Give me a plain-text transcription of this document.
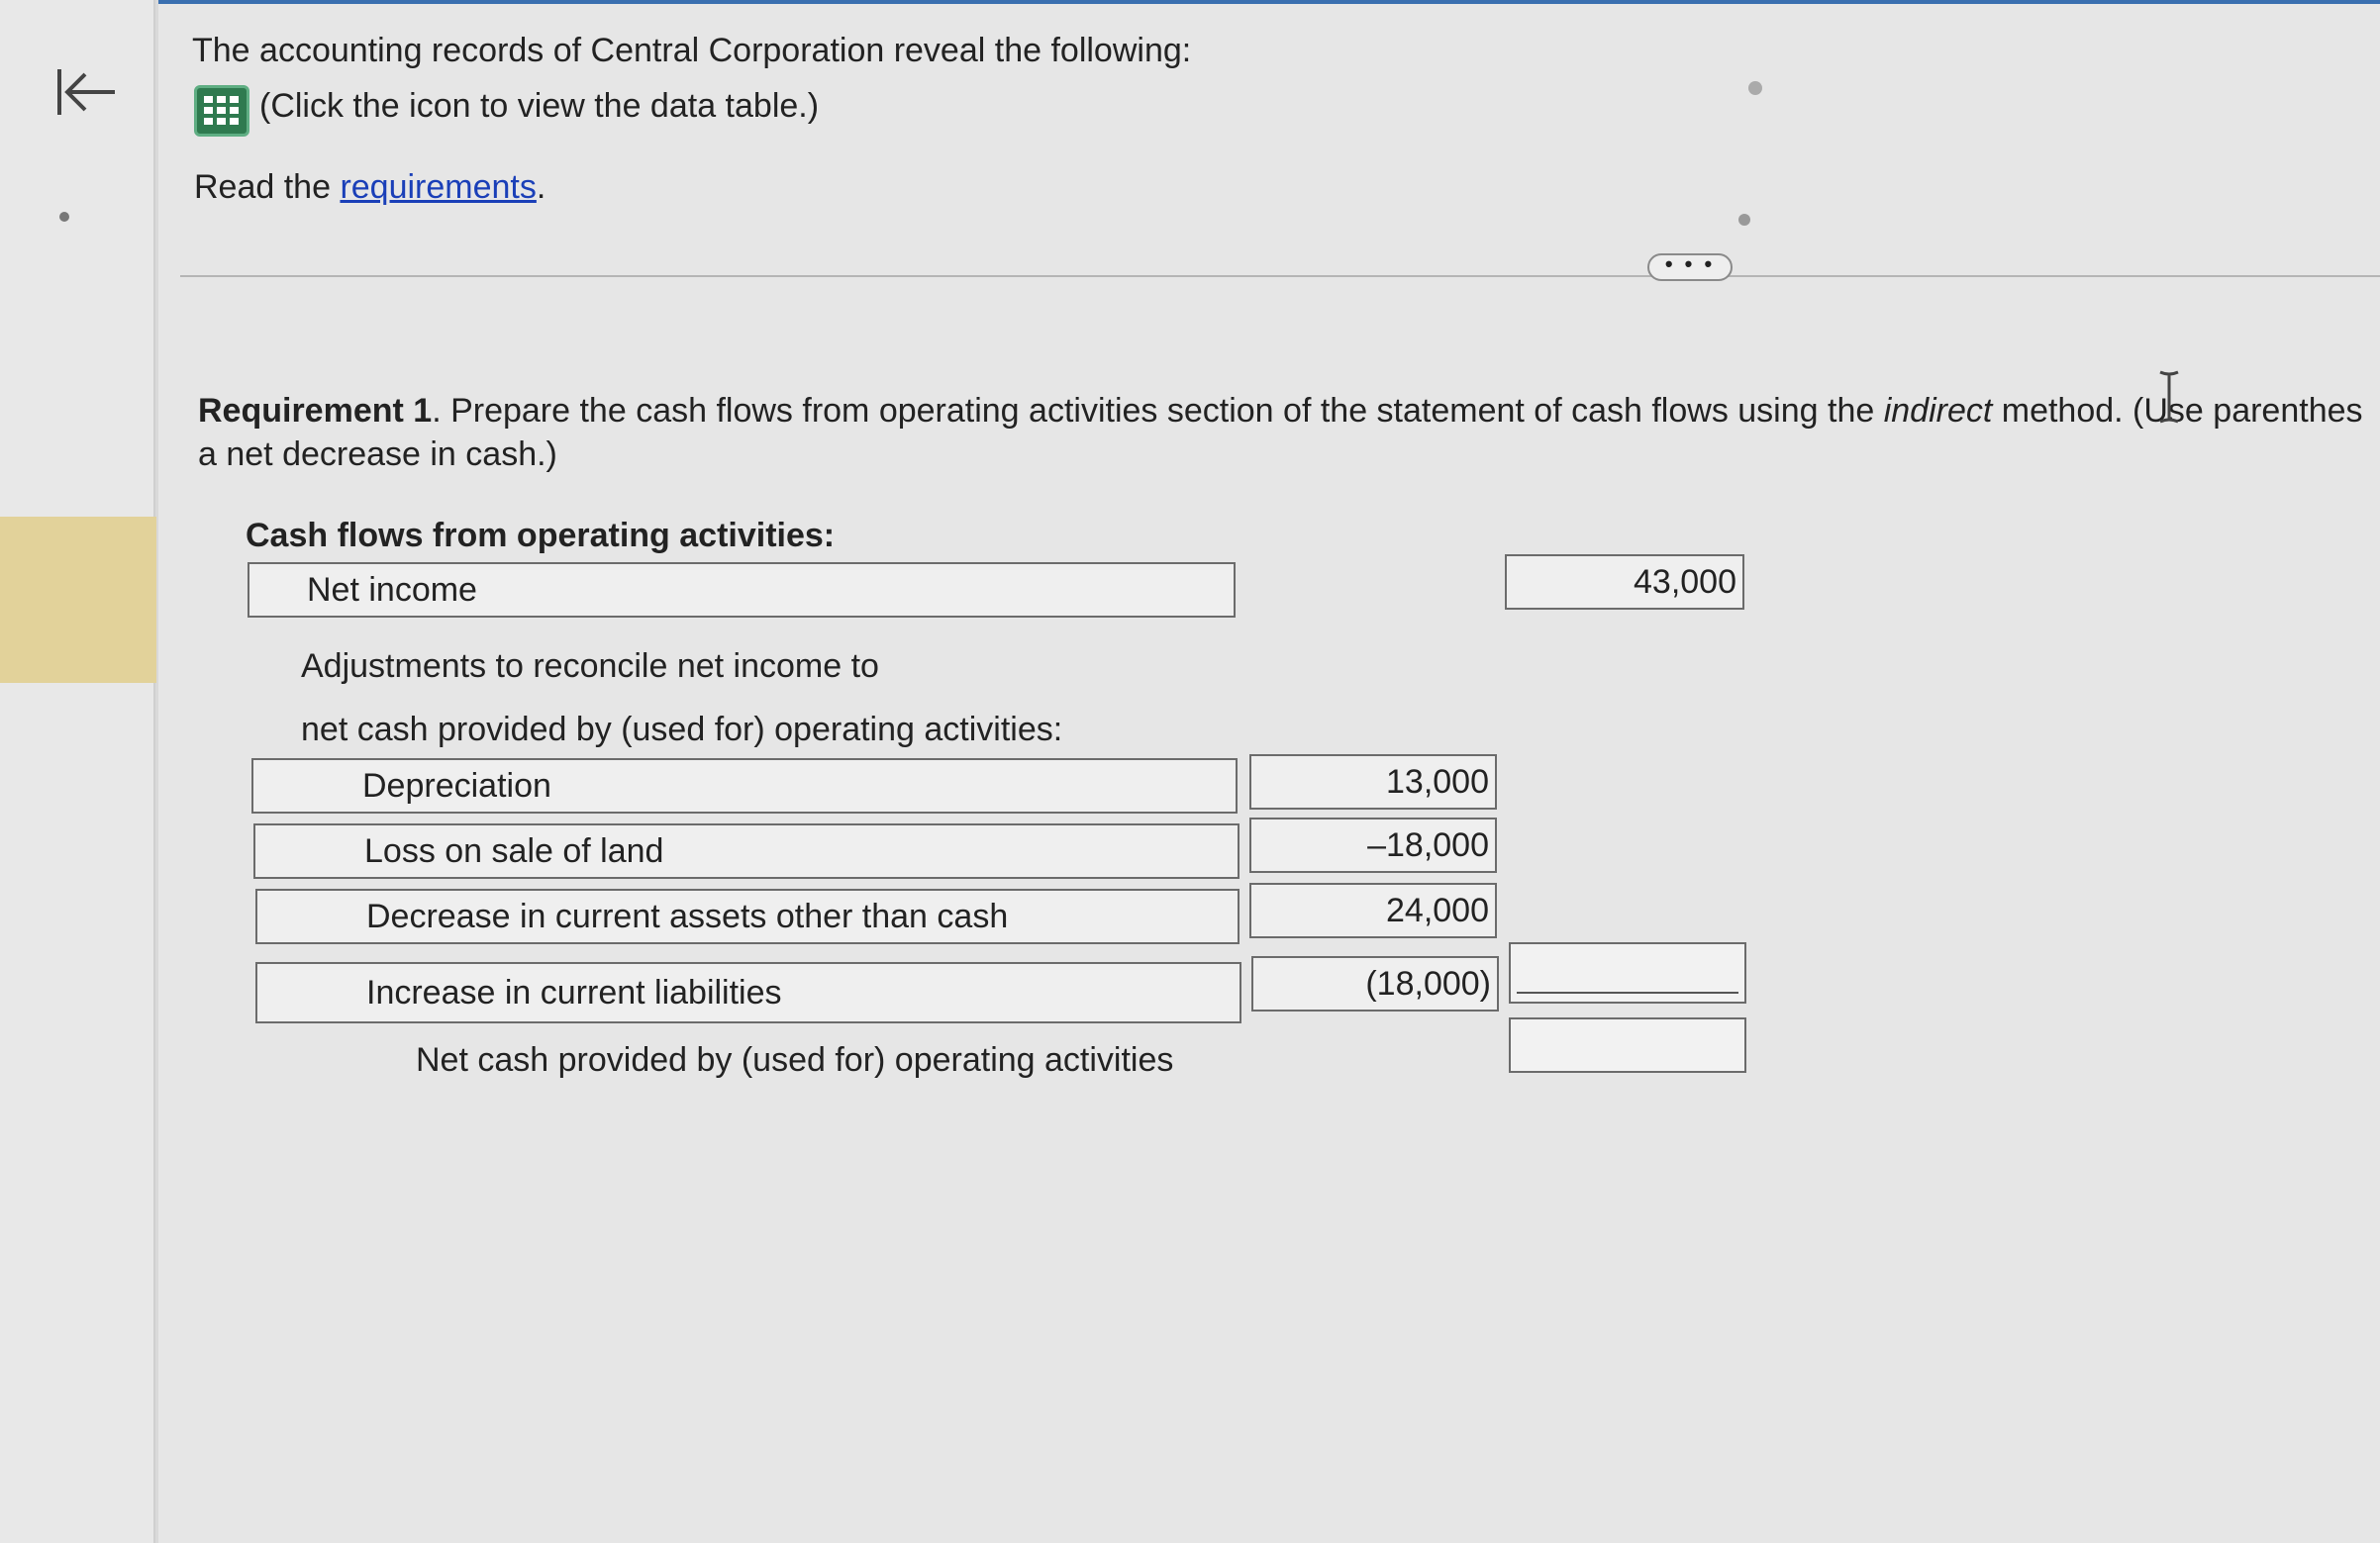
The accounting records of Central Corporation reveal the following:
(Click the icon to view the data table.)
Read the requirements.
• • •
Requirement 1. Prepare the cash flows from operating activities section of the statement of cash flows using the indirect method. (Use parenthes
a net decrease in cash.)
Cash flows from operating activities:
Net income	43,000
Adjustments to reconcile net income to
net cash provided by (used for) operating activities:
Depreciation	13,000
Loss on sale of land	–18,000
Decrease in current assets other than cash	24,000
Increase in current liabilities	(18,000)
Net cash provided by (used for) operating activities
